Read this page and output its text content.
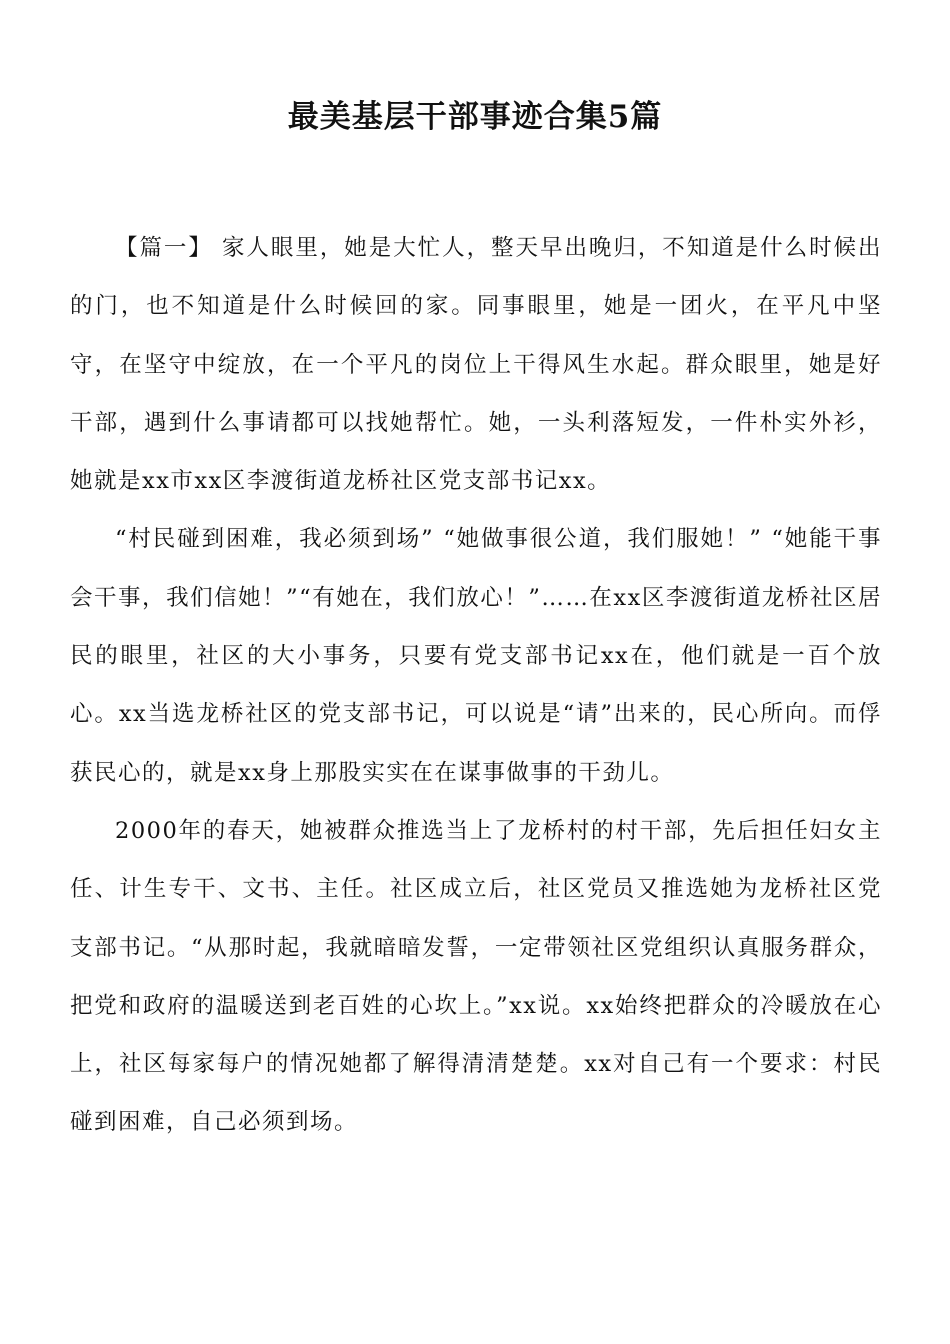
最美基层干部事迹合集5篇

【篇一】 家人眼里，她是大忙人，整天早出晚归，不知道是什么时候出的门，也不知道是什么时候回的家。同事眼里，她是一团火，在平凡中坚守，在坚守中绽放，在一个平凡的岗位上干得风生水起。群众眼里，她是好干部，遇到什么事请都可以找她帮忙。她，一头利落短发，一件朴实外衫，她就是xx市xx区李渡街道龙桥社区党支部书记xx。

“村民碰到困难，我必须到场” “她做事很公道，我们服她！” “她能干事会干事，我们信她！”“有她在，我们放心！”……在xx区李渡街道龙桥社区居民的眼里，社区的大小事务，只要有党支部书记xx在，他们就是一百个放心。xx当选龙桥社区的党支部书记，可以说是“请”出来的，民心所向。而俘获民心的，就是xx身上那股实实在在谋事做事的干劲儿。

2000年的春天，她被群众推选当上了龙桥村的村干部，先后担任妇女主任、计生专干、文书、主任。社区成立后，社区党员又推选她为龙桥社区党支部书记。“从那时起，我就暗暗发誓，一定带领社区党组织认真服务群众，把党和政府的温暖送到老百姓的心坎上。”xx说。xx始终把群众的冷暖放在心上，社区每家每户的情况她都了解得清清楚楚。xx对自己有一个要求：村民碰到困难，自己必须到场。
